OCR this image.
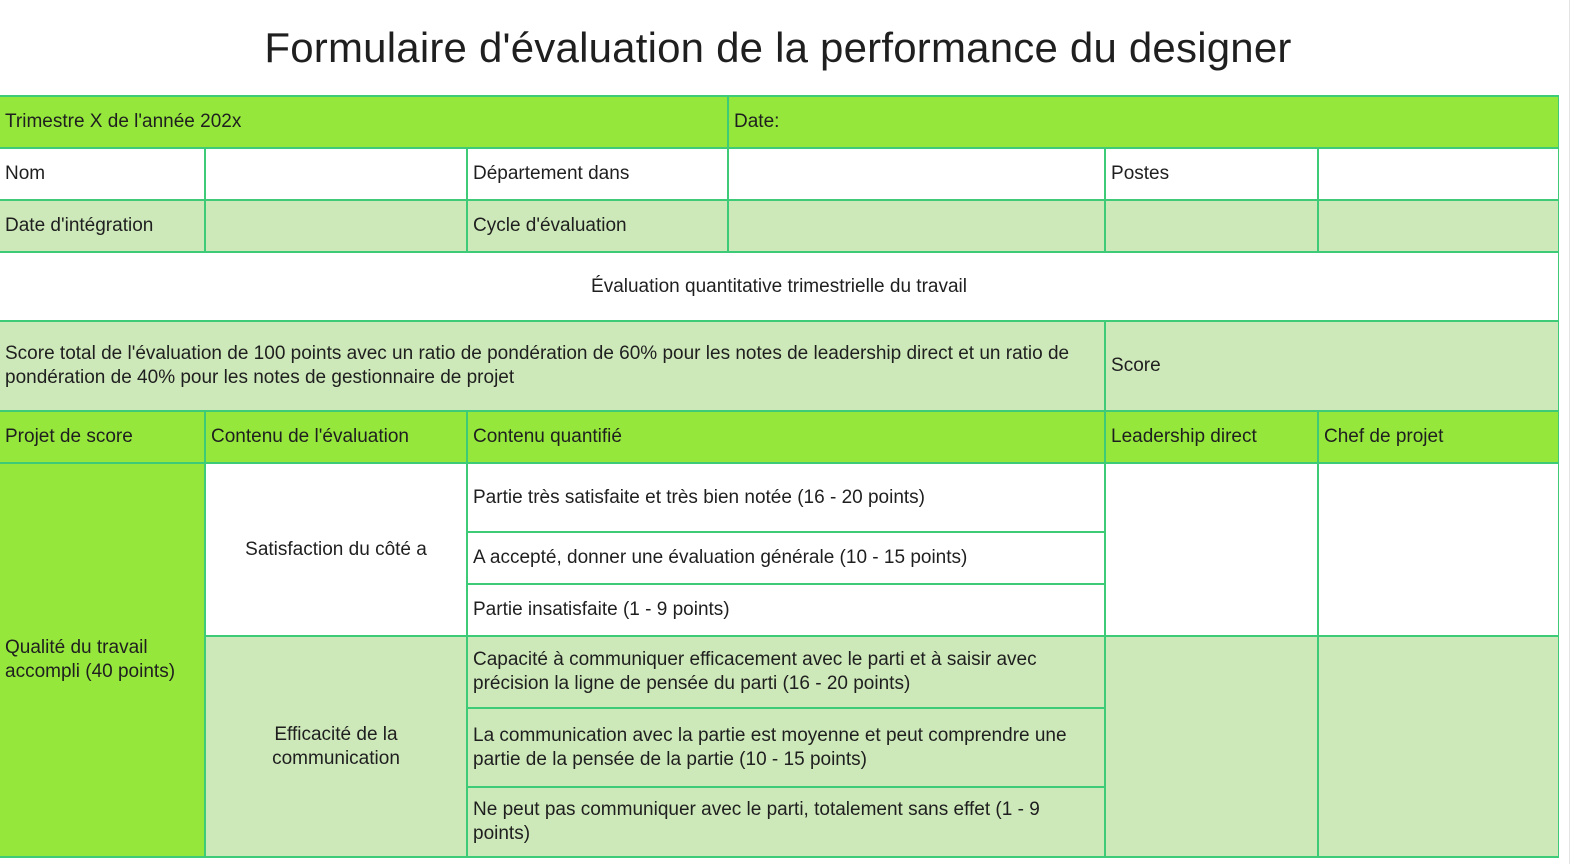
Formulaire d'évaluation de la performance du designer
Trimestre X de l'année 202x			Date:		
Nom		Département dans		Postes	
Date d'intégration		Cycle d'évaluation			
Évaluation quantitative trimestrielle du travail					
Score total de l'évaluation de 100 points avec un ratio de pondération de 60% pour les notes de leadership direct et un ratio de pondération de 40% pour les notes de gestionnaire de projet				Score	
Projet de score	Contenu de l'évaluation	Contenu quantifié		Leadership direct	Chef de projet
Qualité du travail accompli (40 points)	Satisfaction du côté a	Partie très satisfaite et très bien notée (16 - 20 points)			
		A accepté, donner une évaluation générale (10 - 15 points)			
		Partie insatisfaite (1 - 9 points)			
	Efficacité de la communication	Capacité à communiquer efficacement avec le parti et à saisir avec précision la ligne de pensée du parti (16 - 20 points)			
		La communication avec la partie est moyenne et peut comprendre une partie de la pensée de la partie (10 - 15 points)			
		Ne peut pas communiquer avec le parti, totalement sans effet (1 - 9 points)			
